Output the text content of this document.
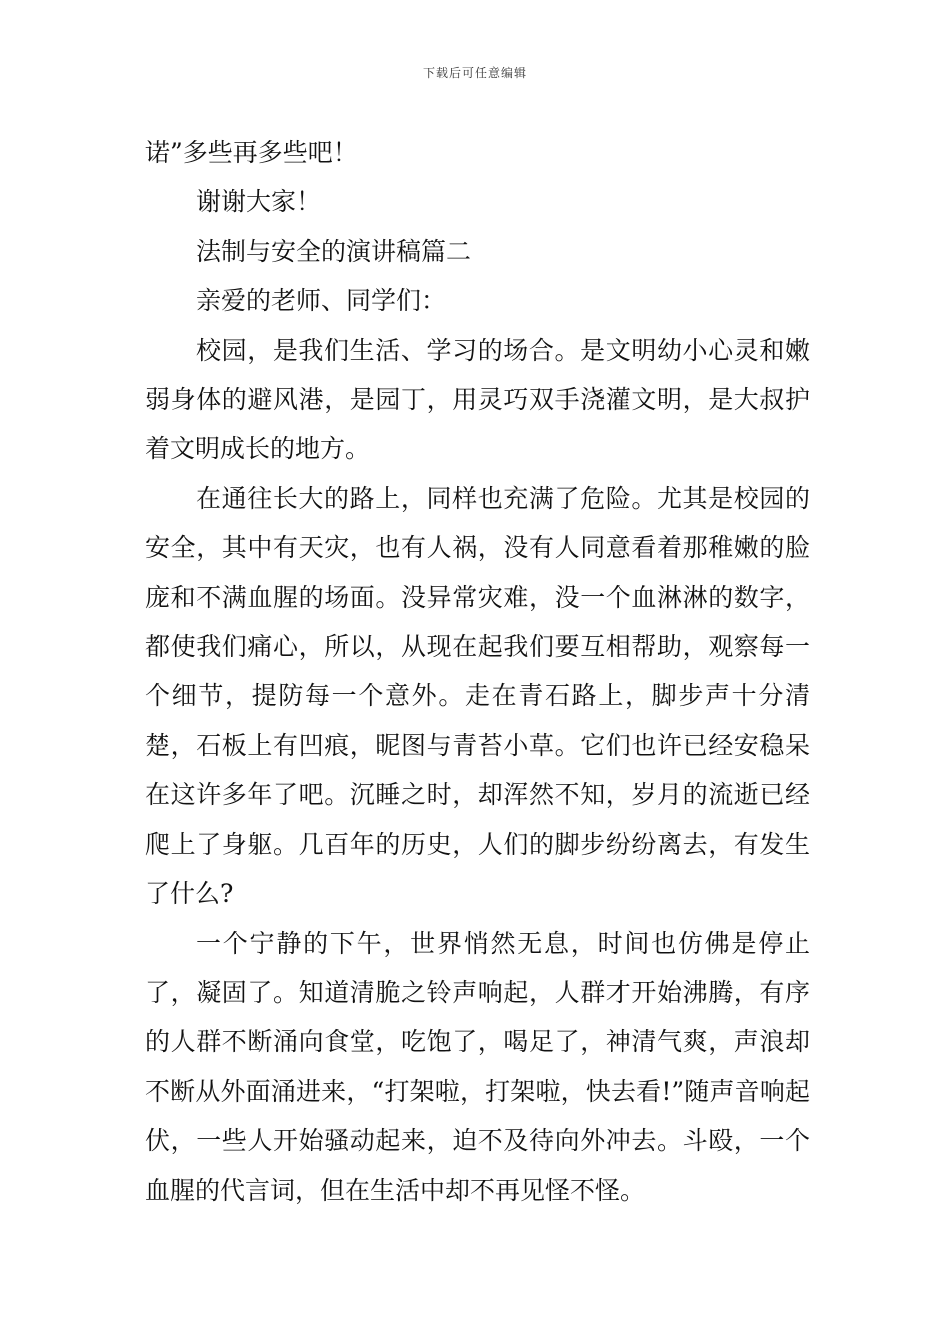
下载后可任意编辑

诺”多些再多些吧！

谢谢大家！

法制与安全的演讲稿篇二

亲爱的老师、同学们：

校园，是我们生活、学习的场合。是文明幼小心灵和嫩弱身体的避风港，是园丁，用灵巧双手浇灌文明，是大叔护着文明成长的地方。

在通往长大的路上，同样也充满了危险。尤其是校园的安全，其中有天灾，也有人祸，没有人同意看着那稚嫩的脸庞和不满血腥的场面。没异常灾难，没一个血淋淋的数字，都使我们痛心，所以，从现在起我们要互相帮助，观察每一个细节，提防每一个意外。走在青石路上，脚步声十分清楚，石板上有凹痕，昵图与青苔小草。它们也许已经安稳呆在这许多年了吧。沉睡之时，却浑然不知，岁月的流逝已经爬上了身躯。几百年的历史，人们的脚步纷纷离去，有发生了什么?

一个宁静的下午，世界悄然无息，时间也仿佛是停止了，凝固了。知道清脆之铃声响起，人群才开始沸腾，有序的人群不断涌向食堂，吃饱了，喝足了，神清气爽，声浪却不断从外面涌进来，“打架啦，打架啦，快去看!”随声音响起伏，一些人开始骚动起来，迫不及待向外冲去。斗殴，一个血腥的代言词，但在生活中却不再见怪不怪。
